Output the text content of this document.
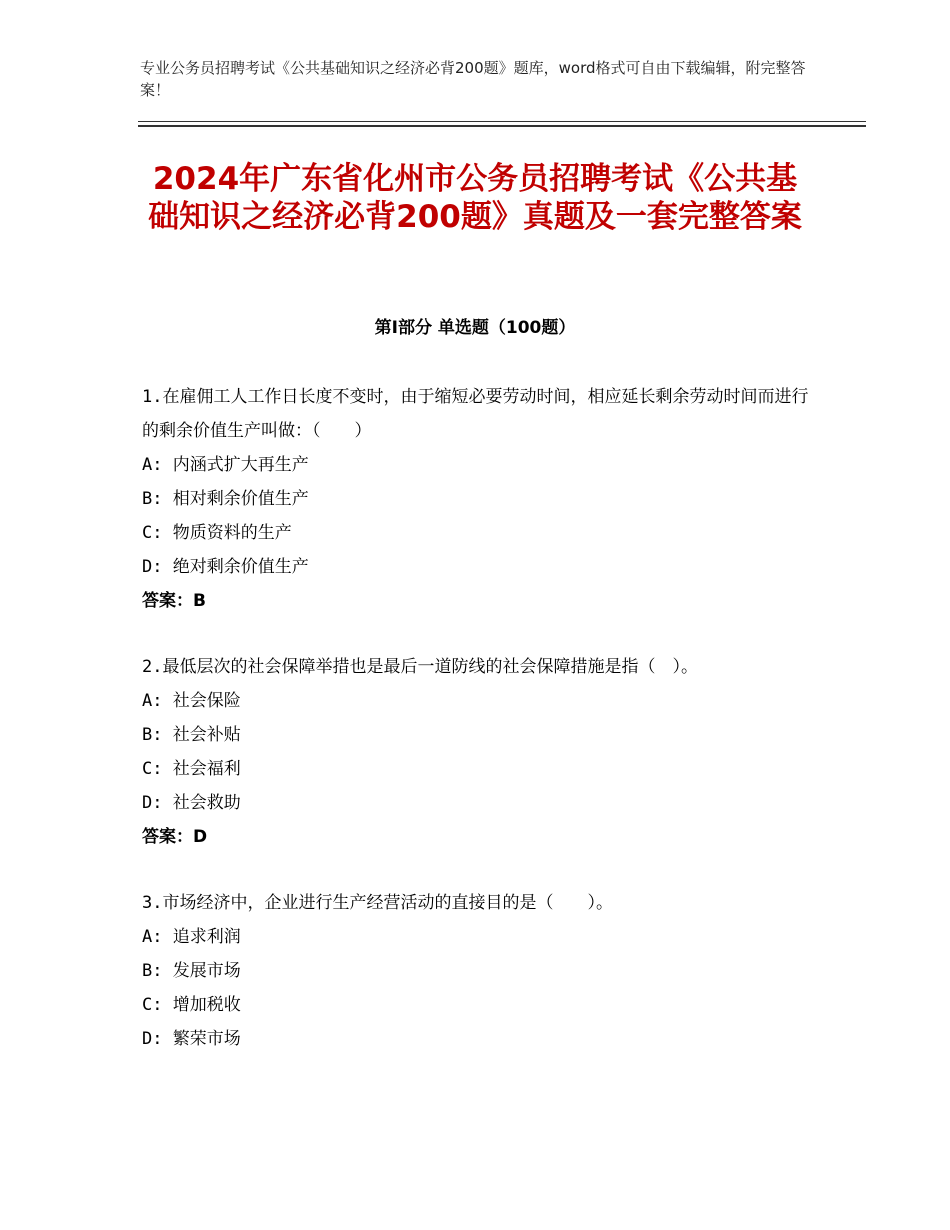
专业公务员招聘考试《公共基础知识之经济必背200题》题库，word格式可自由下载编辑，附完整答案！
2024年广东省化州市公务员招聘考试《公共基础知识之经济必背200题》真题及一套完整答案
第Ⅰ部分 单选题（100题）

1.在雇佣工人工作日长度不变时，由于缩短必要劳动时间，相应延长剩余劳动时间而进行的剩余价值生产叫做：（　　）

A: 内涵式扩大再生产

B: 相对剩余价值生产

C: 物质资料的生产

D: 绝对剩余价值生产

答案：B

2.最低层次的社会保障举措也是最后一道防线的社会保障措施是指（　）。

A: 社会保险

B: 社会补贴

C: 社会福利

D: 社会救助

答案：D

3.市场经济中，企业进行生产经营活动的直接目的是（　　）。

A: 追求利润

B: 发展市场

C: 增加税收

D: 繁荣市场
